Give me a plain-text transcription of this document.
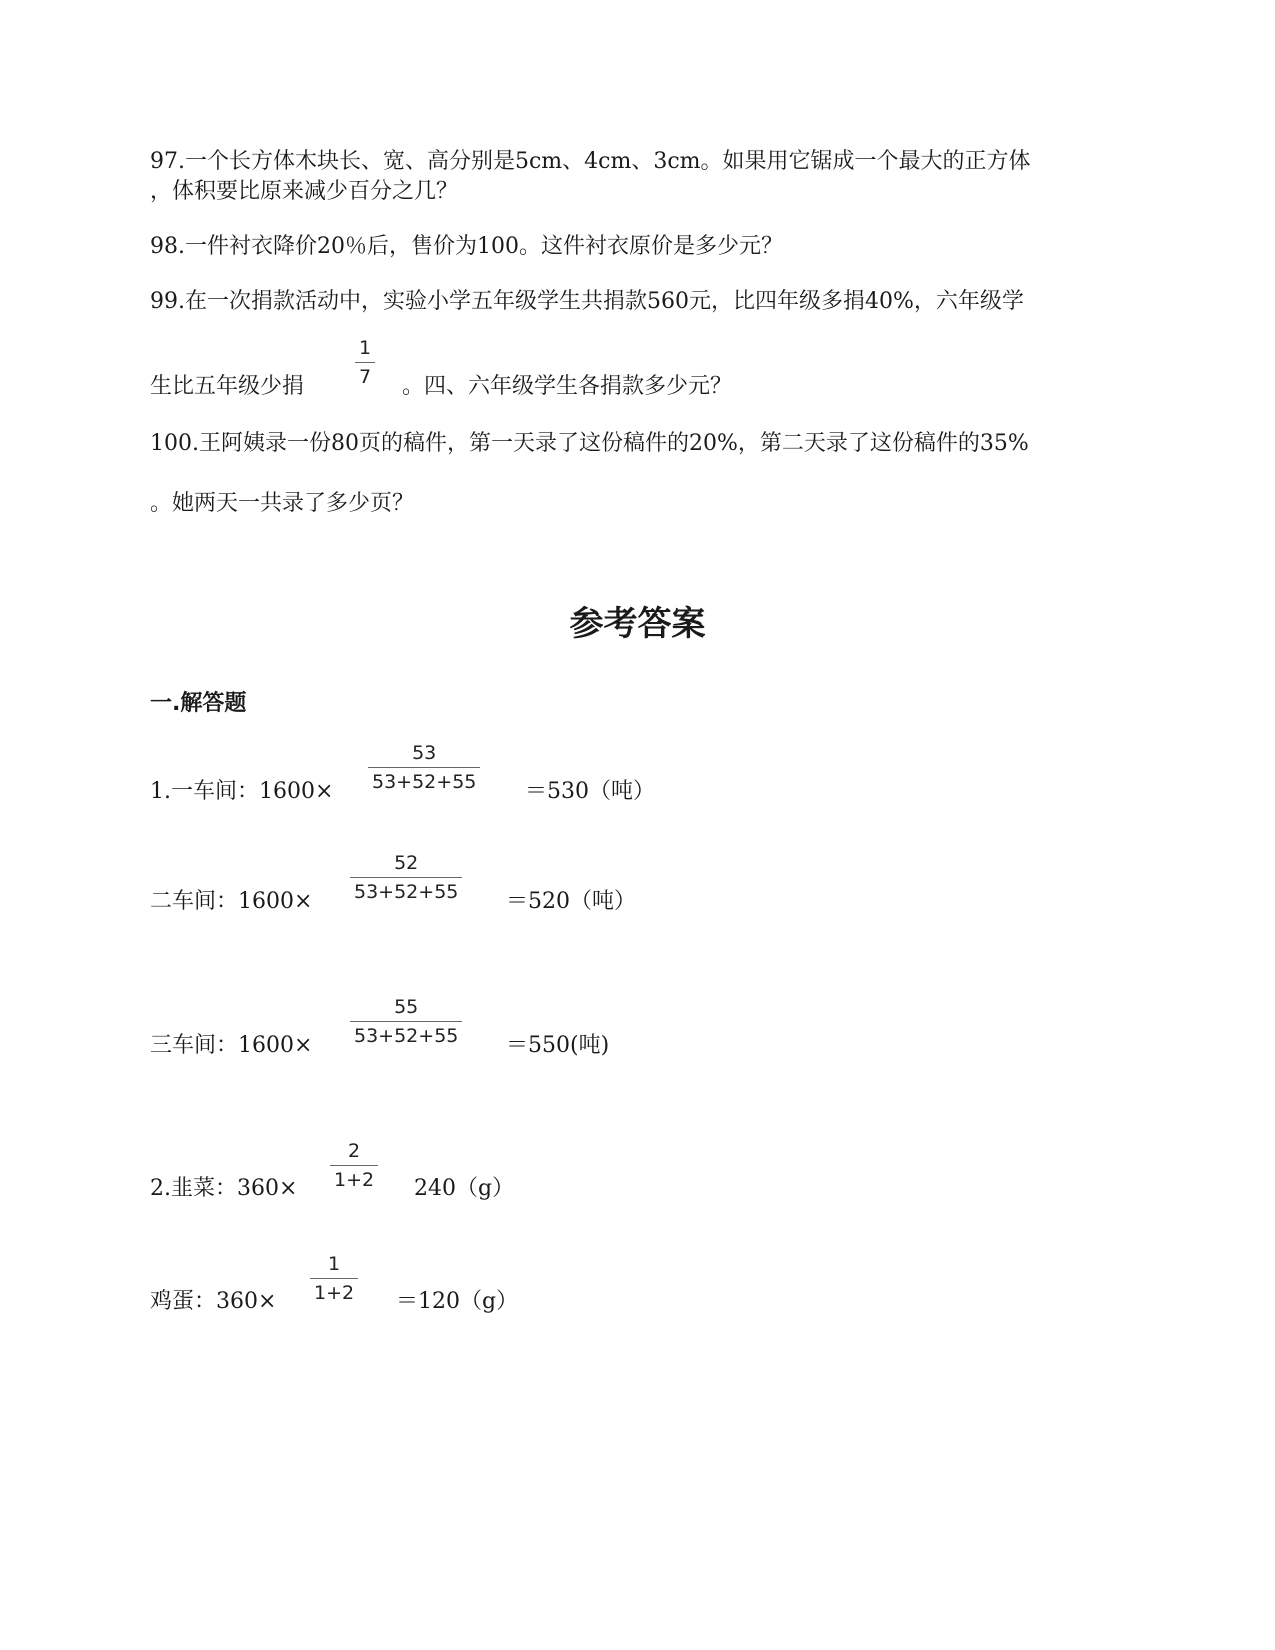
97.一个长方体木块长、宽、高分别是5cm、4cm、3cm。如果用它锯成一个最大的正方体
，体积要比原来减少百分之几？
98.一件衬衣降价20％后，售价为100。这件衬衣原价是多少元？
99.在一次捐款活动中，实验小学五年级学生共捐款560元，比四年级多捐40%，六年级学
生比五年级少捐
1
7 。四、六年级学生各捐款多少元？
100.王阿姨录一份80页的稿件，第一天录了这份稿件的20%，第二天录了这份稿件的35%
。她两天一共录了多少页？
参考答案
一.解答题
1.一车间：1600×
53
53+52+55 ＝530（吨）
二车间：1600×
52
53+52+55 ＝520（吨）
三车间：1600×
55
53+52+55 ＝550(吨)
2.韭菜：360×
2
1+2 240（g）
鸡蛋：360×
1
1+2 ＝120（g）
